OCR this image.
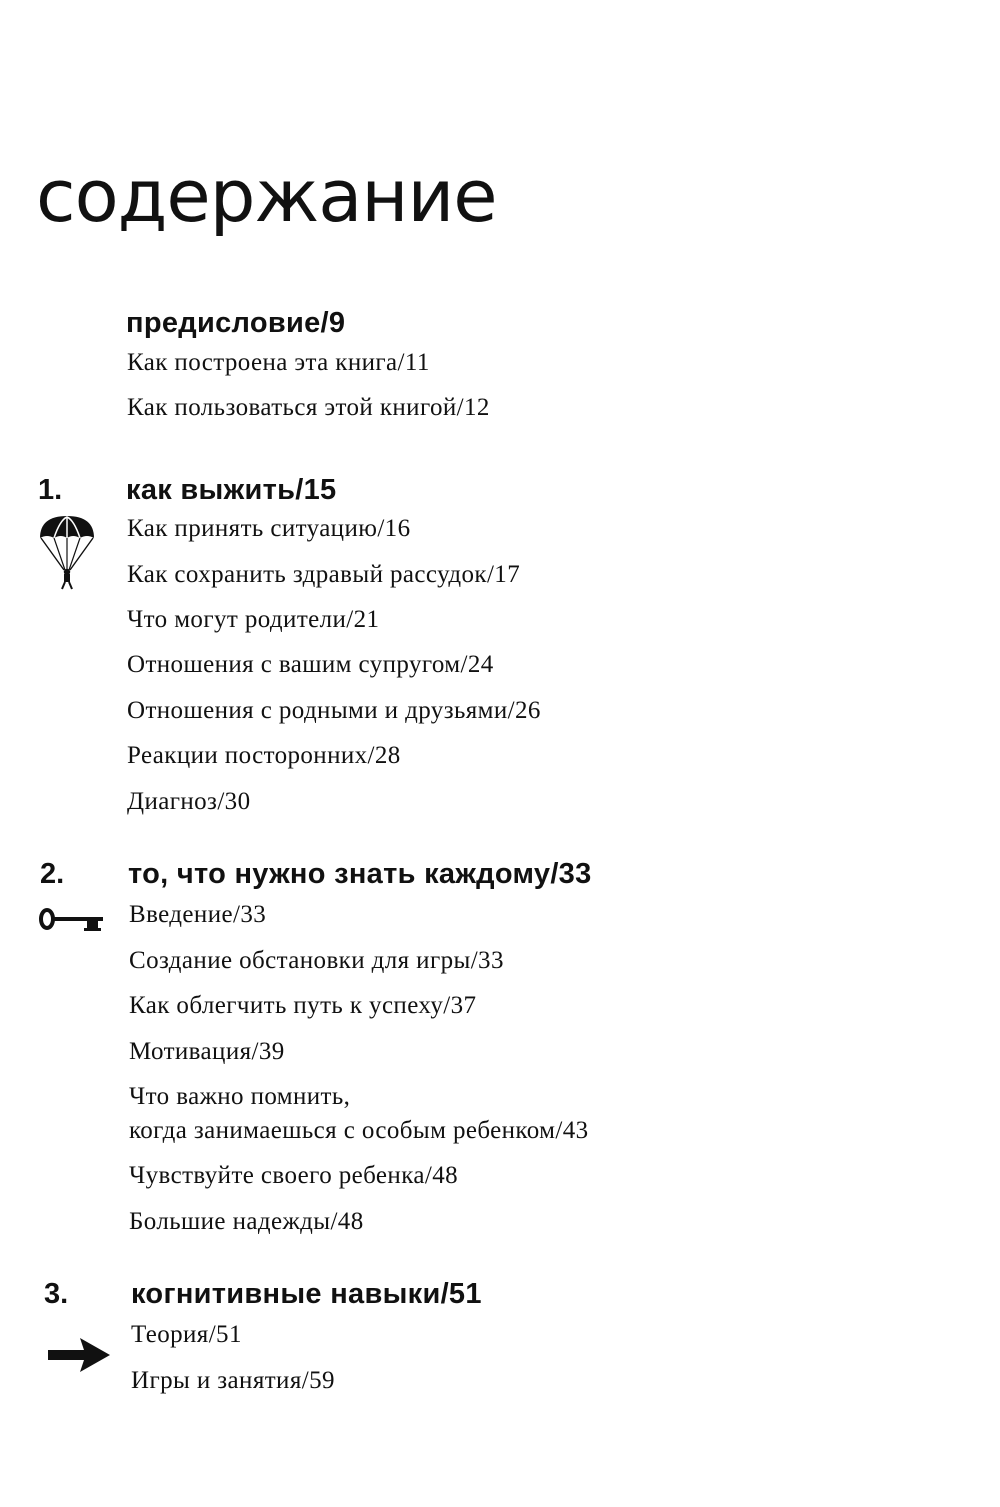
содержание
предисловие/9
Как построена эта книга/11
Как пользоваться этой книгой/12
1. как выжить/15
Как принять ситуацию/16
Как сохранить здравый рассудок/17
Что могут родители/21
Отношения с вашим супругом/24
Отношения с родными и друзьями/26
Реакции посторонних/28
Диагноз/30
2. то, что нужно знать каждому/33
Введение/33
Создание обстановки для игры/33
Как облегчить путь к успеху/37
Мотивация/39
Что важно помнить,
когда занимаешься с особым ребенком/43
Чувствуйте своего ребенка/48
Большие надежды/48
3. когнитивные навыки/51
Теория/51
Игры и занятия/59
